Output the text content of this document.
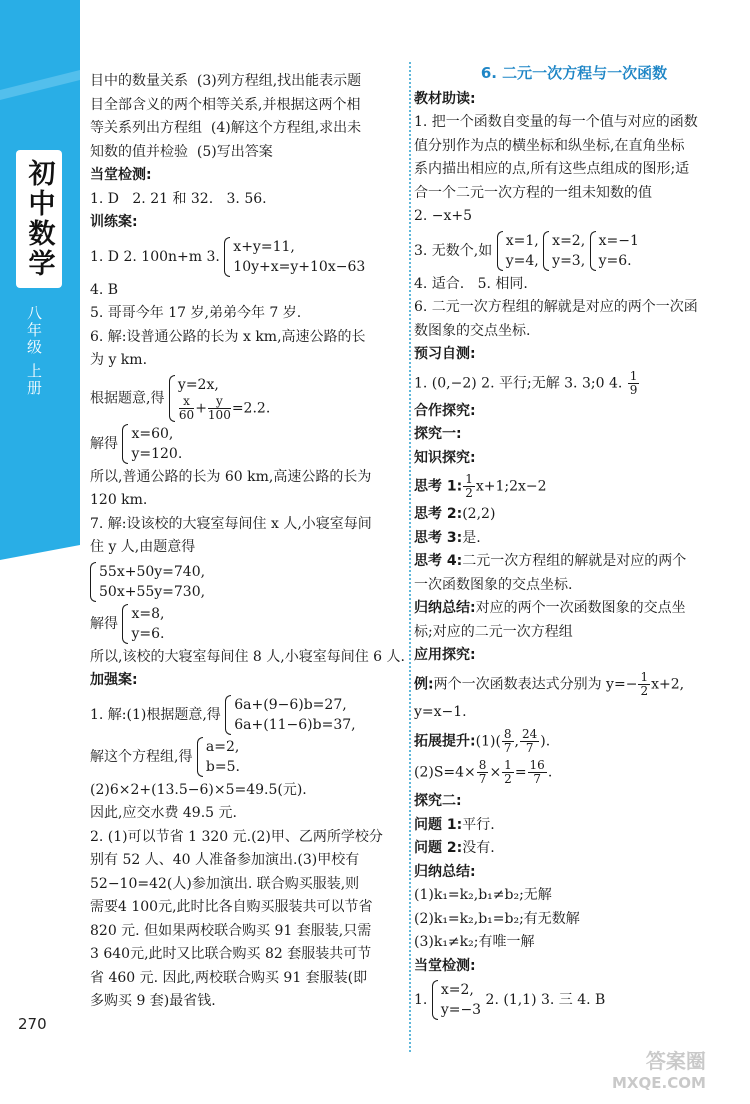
初中数学
八年级 上册
270
目中的数量关系  (3)列方程组,找出能表示题
目全部含义的两个相等关系,并根据这两个相
等关系列出方程组  (4)解这个方程组,求出未
知数的值并检验  (5)写出答案
当堂检测:
1. D   2. 21 和 32.   3. 56.
训练案:
1. D 2. 100n+m 3.
x+y=11,
10y+x=y+10x−63
4. B
5. 哥哥今年 17 岁,弟弟今年 7 岁.
6. 解:设普通公路的长为 x km,高速公路的长
为 y km.
根据题意,得
y=2x,
$\frac{x}{60} + \frac{y}{100} =2.2$.
解得
x=60,
y=120.
所以,普通公路的长为 60 km,高速公路的长为
120 km.
7. 解:设该校的大寝室每间住 x 人,小寝室每间
住 y 人,由题意得
55x+50y=740,
50x+55y=730,
解得
x=8,
y=6.
所以,该校的大寝室每间住 8 人,小寝室每间住 6 人.
加强案:
1. 解:(1)根据题意,得
6a+(9−6)b=27,
6a+(11−6)b=37,
解这个方程组,得
a=2,
b=5.
(2)6×2+(13.5−6)×5=49.5(元).
因此,应交水费 49.5 元.
2. (1)可以节省 1 320 元.(2)甲、乙两所学校分
别有 52 人、40 人准备参加演出.(3)甲校有
52−10=42(人)参加演出. 联合购买服装,则
需要4 100元,此时比各自购买服装共可以节省
820 元. 但如果两校联合购买 91 套服装,只需
3 640元,此时又比联合购买 82 套服装共可节
省 460 元. 因此,两校联合购买 91 套服装(即
多购买 9 套)最省钱.
6. 二元一次方程与一次函数
教材助读:
1. 把一个函数自变量的每一个值与对应的函数
值分别作为点的横坐标和纵坐标,在直角坐标
系内描出相应的点,所有这些点组成的图形;适
合一个二元一次方程的一组未知数的值
2. −x+5
3. 无数个,如
x=1,
y=4,

x=2,
y=3,

x=−1
y=6.
4. 适合.   5. 相同.
6. 二元一次方程组的解就是对应的两个一次函
数图象的交点坐标.
预习自测:
1. (0,−2) 2. 平行;无解 3. 3;0 4. $\frac{1}{9}$
合作探究:
探究一:
知识探究:
思考 1: $\frac{1}{2}$ x+1;2x−2
思考 2:(2,2)
思考 3:是.
思考 4:二元一次方程组的解就是对应的两个
一次函数图象的交点坐标.
归纳总结:对应的两个一次函数图象的交点坐
标;对应的二元一次方程组
应用探究:
例:两个一次函数表达式分别为 $y=- \frac{1}{2} x+2$,
y=x−1.
拓展提升:(1)( $\frac{8}{7}$ , $\frac{24}{7}$ ).
$(2)S=4\times \frac{8}{7} \times \frac{1}{2} = \frac{16}{7}$ .
探究二:
问题 1:平行.
问题 2:没有.
归纳总结:
(1)k₁=k₂,b₁≠b₂;无解
(2)k₁=k₂,b₁=b₂;有无数解
(3)k₁≠k₂;有唯一解
当堂检测:
1.
x=2,
y=−3
2. (1,1) 3. 三 4. B
答案圈
MXQE.COM
